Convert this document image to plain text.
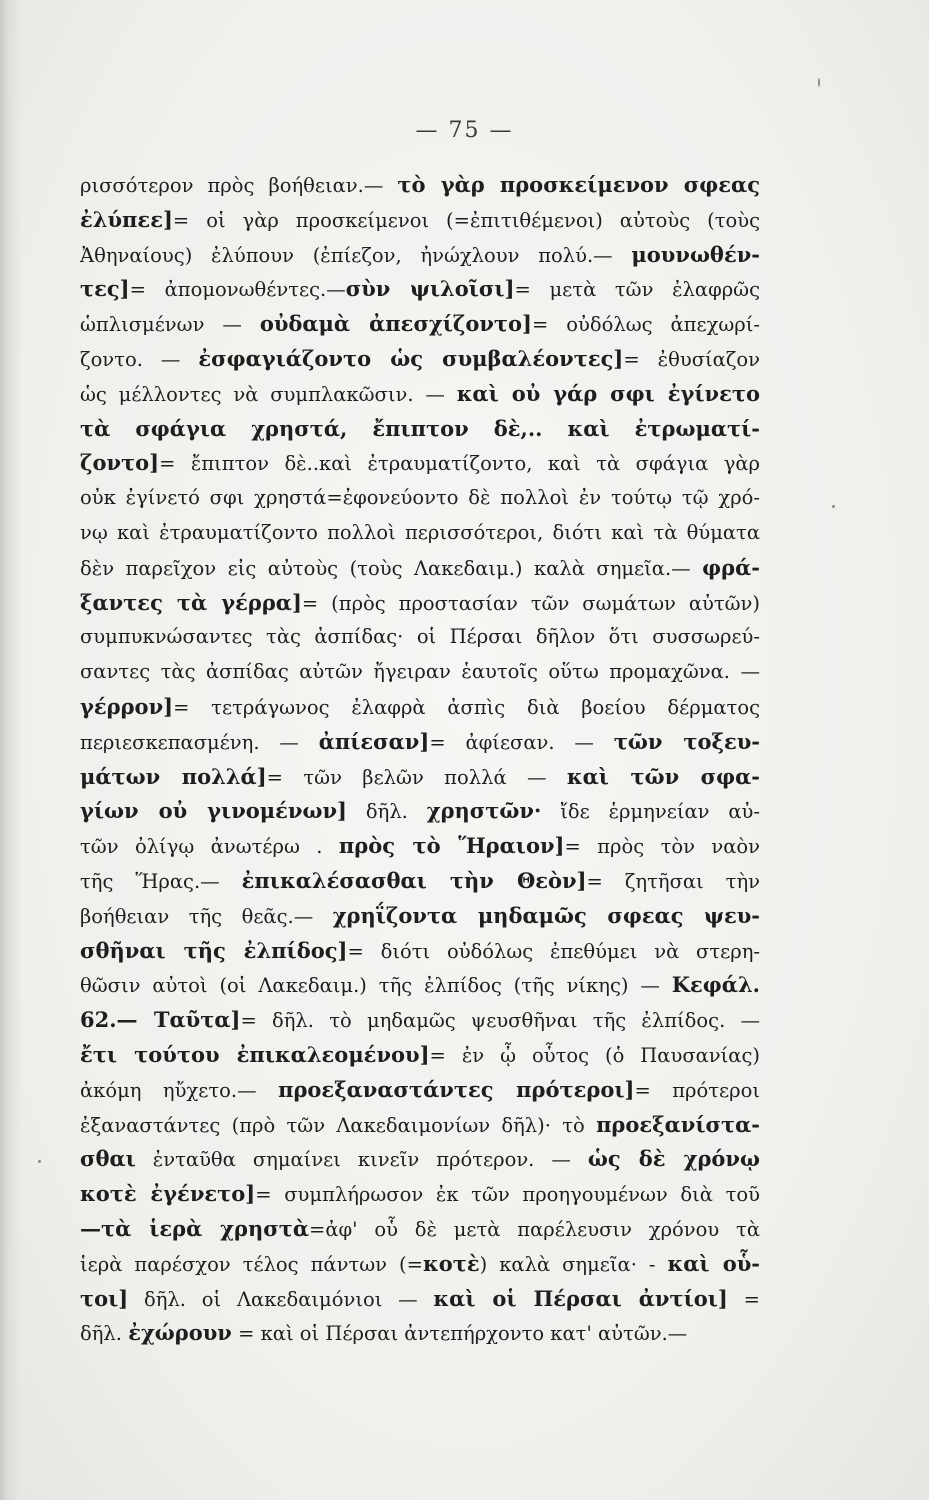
— 75 —
ρισσότερον πρὸς βοήθειαν.— τὸ γὰρ προσκείμενον σφεας
ἐλύπεε]= οἱ γὰρ προσκείμενοι (=ἐπιτιθέμενοι) αὐτοὺς (τοὺς
Ἀθηναίους) ἐλύπουν (ἐπίεζον, ἠνώχλουν πολύ.— μουνωθέν-
τες]= ἀπομονωθέντες.—σὺν ψιλοῖσι]= μετὰ τῶν ἐλαφρῶς
ὡπλισμένων — οὐδαμὰ ἀπεσχίζοντο]= οὐδόλως ἀπεχωρί-
ζοντο. — ἐσφαγιάζοντο ὡς συμβαλέοντες]= ἐθυσίαζον
ὡς μέλλοντες νὰ συμπλακῶσιν. — καὶ οὐ γάρ σφι ἐγίνετο
τὰ σφάγια χρηστά, ἔπιπτον δὲ,.. καὶ ἐτρωματί-
ζοντο]= ἔπιπτον δὲ..καὶ ἐτραυματίζοντο, καὶ τὰ σφάγια γὰρ
οὐκ ἐγίνετό σφι χρηστά=ἐφονεύοντο δὲ πολλοὶ ἐν τούτῳ τῷ χρό-
νῳ καὶ ἐτραυματίζοντο πολλοὶ περισσότεροι, διότι καὶ τὰ θύματα
δὲν παρεῖχον εἰς αὐτοὺς (τοὺς Λακεδαιμ.) καλὰ σημεῖα.— φρά-
ξαντες τὰ γέρρα]= (πρὸς προστασίαν τῶν σωμάτων αὐτῶν)
συμπυκνώσαντες τὰς ἀσπίδας· οἱ Πέρσαι δῆλον ὅτι συσσωρεύ-
σαντες τὰς ἀσπίδας αὐτῶν ἤγειραν ἑαυτοῖς οὕτω προμαχῶνα. —
γέρρον]= τετράγωνος ἐλαφρὰ ἀσπὶς διὰ βοείου δέρματος
περιεσκεπασμένη. — ἀπίεσαν]= ἀφίεσαν. — τῶν τοξευ-
μάτων πολλά]= τῶν βελῶν πολλά — καὶ τῶν σφα-
γίων οὐ γινομένων] δῆλ. χρηστῶν· ἴδε ἑρμηνείαν αὐ-
τῶν ὀλίγῳ ἀνωτέρω . πρὸς τὸ Ἥραιον]= πρὸς τὸν ναὸν
τῆς Ἥρας.— ἐπικαλέσασθαι τὴν Θεὸν]= ζητῆσαι τὴν
βοήθειαν τῆς θεᾶς.— χρηΐζοντα μηδαμῶς σφεας ψευ-
σθῆναι τῆς ἐλπίδος]= διότι οὐδόλως ἐπεθύμει νὰ στερη-
θῶσιν αὐτοὶ (οἱ Λακεδαιμ.) τῆς ἐλπίδος (τῆς νίκης) — Κεφάλ.
62.— Ταῦτα]= δῆλ. τὸ μηδαμῶς ψευσθῆναι τῆς ἐλπίδος. —
ἔτι τούτου ἐπικαλεομένου]= ἐν ᾧ οὗτος (ὁ Παυσανίας)
ἀκόμη ηὔχετο.— προεξαναστάντες πρότεροι]= πρότεροι
ἐξαναστάντες (πρὸ τῶν Λακεδαιμονίων δῆλ)· τὸ προεξανίστα-
σθαι ἐνταῦθα σημαίνει κινεῖν πρότερον. — ὡς δὲ χρόνῳ
κοτὲ ἐγένετο]= συμπλήρωσον ἐκ τῶν προηγουμένων διὰ τοῦ
—τὰ ἱερὰ χρηστὰ=ἀφ' οὗ δὲ μετὰ παρέλευσιν χρόνου τὰ
ἱερὰ παρέσχον τέλος πάντων (=κοτὲ) καλὰ σημεῖα· - καὶ οὗ-
τοι] δῆλ. οἱ Λακεδαιμόνιοι — καὶ οἱ Πέρσαι ἀντίοι] =
δῆλ. ἐχώρουν = καὶ οἱ Πέρσαι ἀντεπήρχοντο κατ' αὐτῶν.—
